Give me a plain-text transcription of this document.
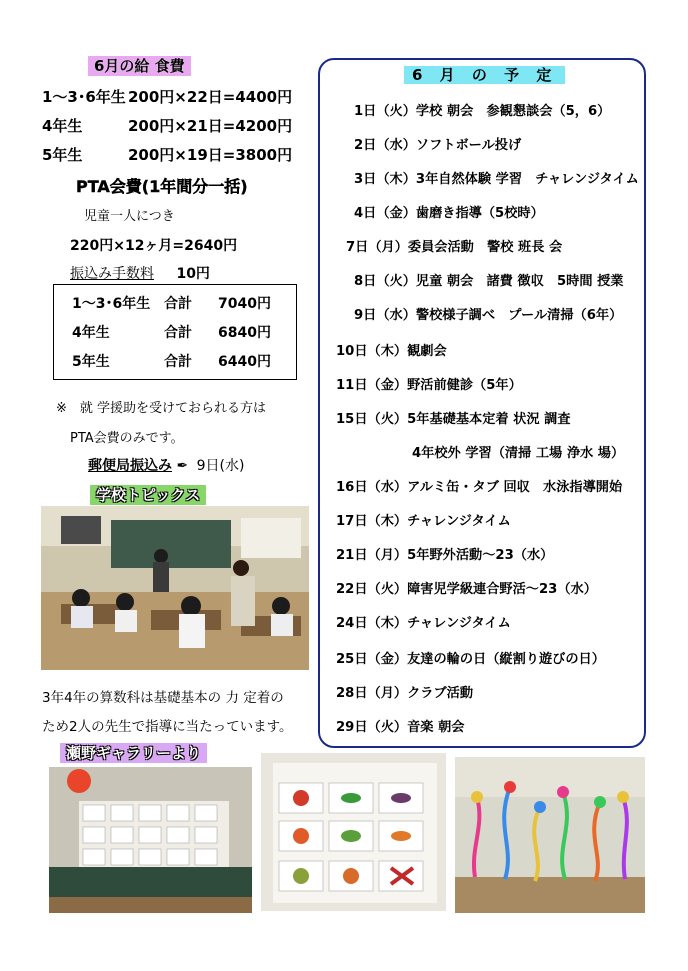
6月の給 食費
1〜3･6年生 200円×22日=4400円
4年生	200円×21日=4200円
5年生	200円×19日=3800円
PTA会費(1年間分一括)
児童一人につき
220円×12ヶ月=2640円
振込み手数料 10円
1〜3･6年生 合計 7040円
4年生	合計 6840円
5年生	合計 6440円
※　就 学援助を受けておられる方は
PTA会費のみです。
郵便局振込み ✒ 9日(水)
学校トピックス
3年4年の算数科は基礎基本の 力 定着の
ため2人の先生で指導に当たっています。
瀬野ギャラリーより
6 月 の 予 定
1日（火）学校 朝会　参観懇談会（5，6）
2日（水）ソフトボール投げ
3日（木）3年自然体験 学習　チャレンジタイム
4日（金）歯磨き指導（5校時）
7日（月）委員会活動　警校 班長 会
8日（火）児童 朝会　諸費 徴収　5時間 授業
9日（水）警校様子調べ　プール清掃（6年）
10日（木）観劇会
11日（金）野活前健診（5年）
15日（火）5年基礎基本定着 状況 調査
4年校外 学習（清掃 工場 浄水 場）
16日（水）アルミ缶・タブ 回収　水泳指導開始
17日（木）チャレンジタイム
21日（月）5年野外活動〜23（水）
22日（火）障害児学級連合野活〜23（水）
24日（木）チャレンジタイム
25日（金）友達の輪の日（縦割り遊びの日）
28日（月）クラブ活動
29日（火）音楽 朝会
